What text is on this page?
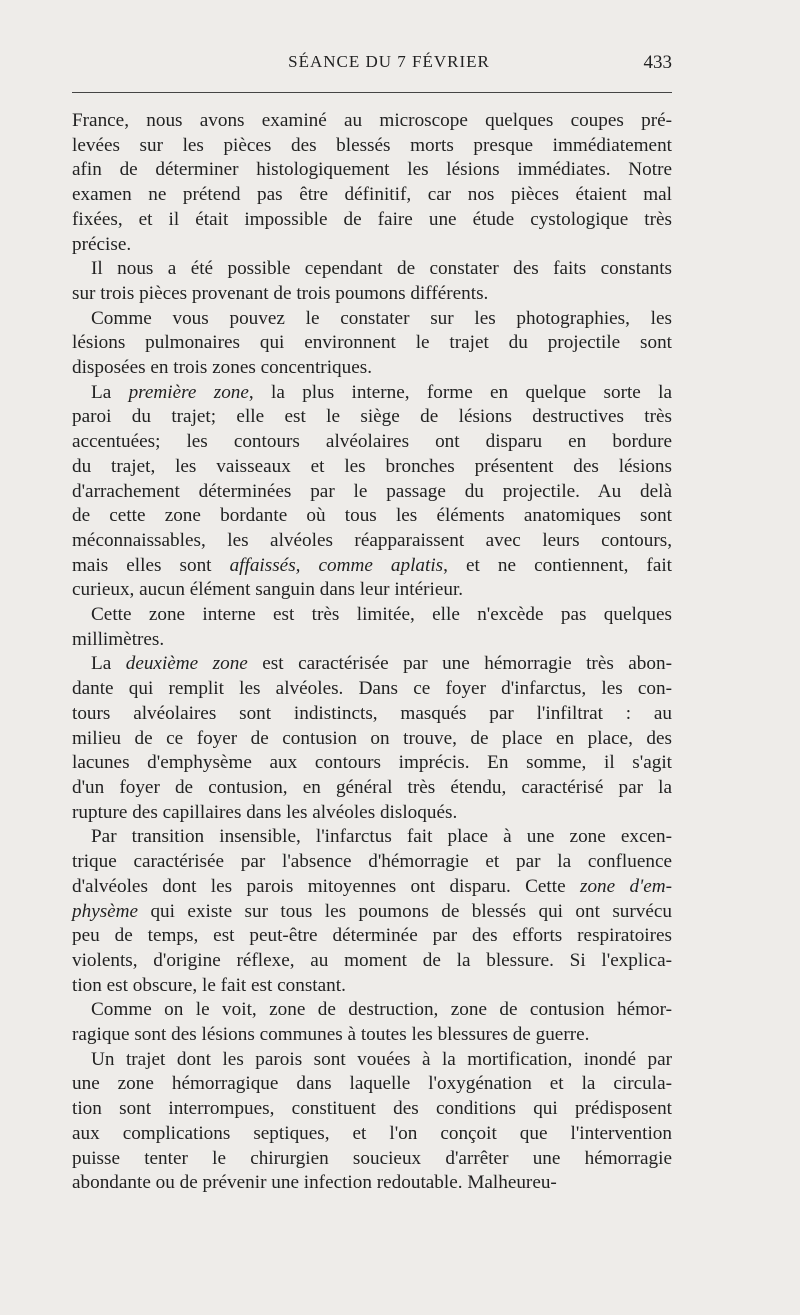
SÉANCE DU 7 FÉVRIER	433

France, nous avons examiné au microscope quelques coupes pré-
levées sur les pièces des blessés morts presque immédiatement
afin de déterminer histologiquement les lésions immédiates. Notre
examen ne prétend pas être définitif, car nos pièces étaient mal
fixées, et il était impossible de faire une étude cystologique très
précise.

Il nous a été possible cependant de constater des faits constants
sur trois pièces provenant de trois poumons différents.

Comme vous pouvez le constater sur les photographies, les
lésions pulmonaires qui environnent le trajet du projectile sont
disposées en trois zones concentriques.

La première zone, la plus interne, forme en quelque sorte la
paroi du trajet; elle est le siège de lésions destructives très
accentuées; les contours alvéolaires ont disparu en bordure
du trajet, les vaisseaux et les bronches présentent des lésions
d'arrachement déterminées par le passage du projectile. Au delà
de cette zone bordante où tous les éléments anatomiques sont
méconnaissables, les alvéoles réapparaissent avec leurs contours,
mais elles sont affaissés, comme aplatis, et ne contiennent, fait
curieux, aucun élément sanguin dans leur intérieur.

Cette zone interne est très limitée, elle n'excède pas quelques
millimètres.

La deuxième zone est caractérisée par une hémorragie très abon-
dante qui remplit les alvéoles. Dans ce foyer d'infarctus, les con-
tours alvéolaires sont indistincts, masqués par l'infiltrat : au
milieu de ce foyer de contusion on trouve, de place en place, des
lacunes d'emphysème aux contours imprécis. En somme, il s'agit
d'un foyer de contusion, en général très étendu, caractérisé par la
rupture des capillaires dans les alvéoles disloqués.

Par transition insensible, l'infarctus fait place à une zone excen-
trique caractérisée par l'absence d'hémorragie et par la confluence
d'alvéoles dont les parois mitoyennes ont disparu. Cette zone d'em-
physème qui existe sur tous les poumons de blessés qui ont survécu
peu de temps, est peut-être déterminée par des efforts respiratoires
violents, d'origine réflexe, au moment de la blessure. Si l'explica-
tion est obscure, le fait est constant.

Comme on le voit, zone de destruction, zone de contusion hémor-
ragique sont des lésions communes à toutes les blessures de guerre.

Un trajet dont les parois sont vouées à la mortification, inondé par
une zone hémorragique dans laquelle l'oxygénation et la circula-
tion sont interrompues, constituent des conditions qui prédisposent
aux complications septiques, et l'on conçoit que l'intervention
puisse tenter le chirurgien soucieux d'arrêter une hémorragie
abondante ou de prévenir une infection redoutable. Malheureu-
